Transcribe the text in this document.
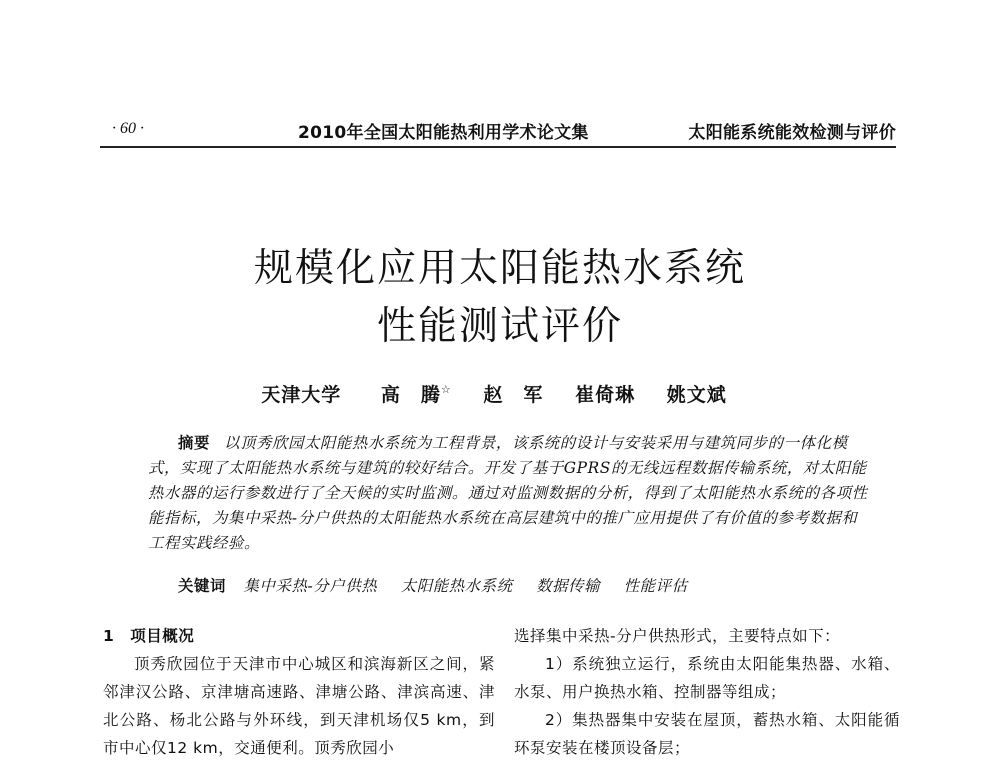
· 60 ·	2010年全国太阳能热利用学术论文集	太阳能系统能效检测与评价
规模化应用太阳能热水系统
性能测试评价
天津大学 高　腾☆ 赵　军 崔倚琳 姚文斌
摘要 以顶秀欣园太阳能热水系统为工程背景，该系统的设计与安装采用与建筑同步的一体化模式，实现了太阳能热水系统与建筑的较好结合。开发了基于GPRS的无线远程数据传输系统，对太阳能热水器的运行参数进行了全天候的实时监测。通过对监测数据的分析，得到了太阳能热水系统的各项性能指标，为集中采热-分户供热的太阳能热水系统在高层建筑中的推广应用提供了有价值的参考数据和工程实践经验。
关键词 集中采热-分户供热 太阳能热水系统 数据传输 性能评估

1　项目概况

顶秀欣园位于天津市中心城区和滨海新区之间，紧邻津汉公路、京津塘高速路、津塘公路、津滨高速、津北公路、杨北公路与外环线，到天津机场仅5 km，到市中心仅12 km，交通便利。顶秀欣园小

选择集中采热-分户供热形式，主要特点如下：

1）系统独立运行，系统由太阳能集热器、水箱、水泵、用户换热水箱、控制器等组成；

2）集热器集中安装在屋顶，蓄热水箱、太阳能循环泵安装在楼顶设备层；
